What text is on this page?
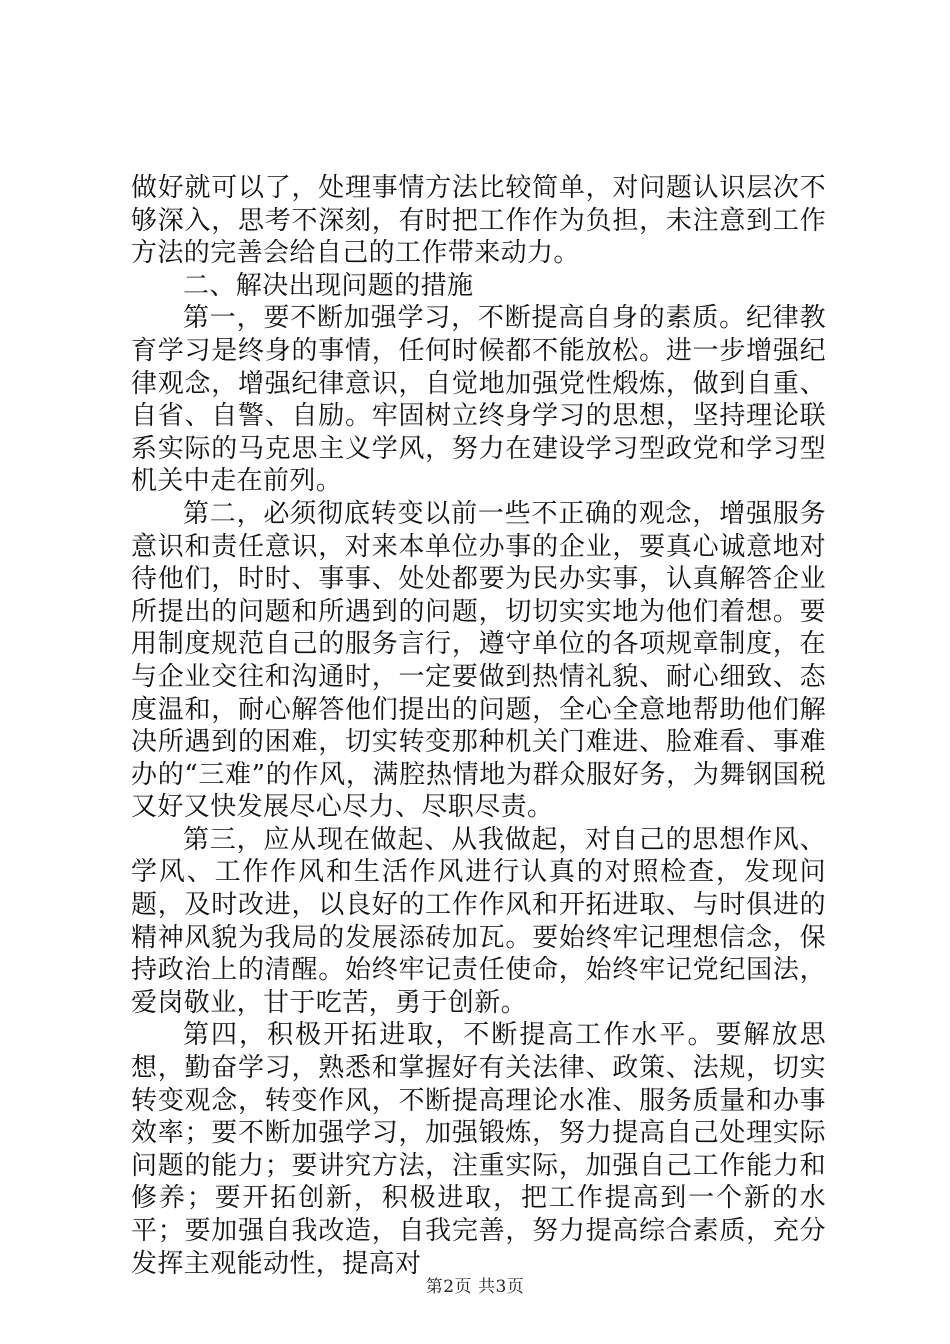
做好就可以了，处理事情方法比较简单，对问题认识层次不够深入，思考不深刻，有时把工作作为负担，未注意到工作方法的完善会给自己的工作带来动力。

二、解决出现问题的措施

第一，要不断加强学习，不断提高自身的素质。纪律教育学习是终身的事情，任何时候都不能放松。进一步增强纪律观念，增强纪律意识，自觉地加强党性煅炼，做到自重、自省、自警、自励。牢固树立终身学习的思想，坚持理论联系实际的马克思主义学风，努力在建设学习型政党和学习型机关中走在前列。

第二，必须彻底转变以前一些不正确的观念，增强服务意识和责任意识，对来本单位办事的企业，要真心诚意地对待他们，时时、事事、处处都要为民办实事，认真解答企业所提出的问题和所遇到的问题，切切实实地为他们着想。要用制度规范自己的服务言行，遵守单位的各项规章制度，在与企业交往和沟通时，一定要做到热情礼貌、耐心细致、态度温和，耐心解答他们提出的问题，全心全意地帮助他们解决所遇到的困难，切实转变那种机关门难进、脸难看、事难办的“三难”的作风，满腔热情地为群众服好务，为舞钢国税又好又快发展尽心尽力、尽职尽责。

第三，应从现在做起、从我做起，对自己的思想作风、学风、工作作风和生活作风进行认真的对照检查，发现问题，及时改进，以良好的工作作风和开拓进取、与时俱进的精神风貌为我局的发展添砖加瓦。要始终牢记理想信念，保持政治上的清醒。始终牢记责任使命，始终牢记党纪国法，爱岗敬业，甘于吃苦，勇于创新。

第四，积极开拓进取，不断提高工作水平。要解放思想，勤奋学习，熟悉和掌握好有关法律、政策、法规，切实转变观念，转变作风，不断提高理论水准、服务质量和办事效率；要不断加强学习，加强锻炼，努力提高自己处理实际问题的能力；要讲究方法，注重实际，加强自己工作能力和修养；要开拓创新，积极进取，把工作提高到一个新的水平；要加强自我改造，自我完善，努力提高综合素质，充分发挥主观能动性，提高对

第2页 共3页
